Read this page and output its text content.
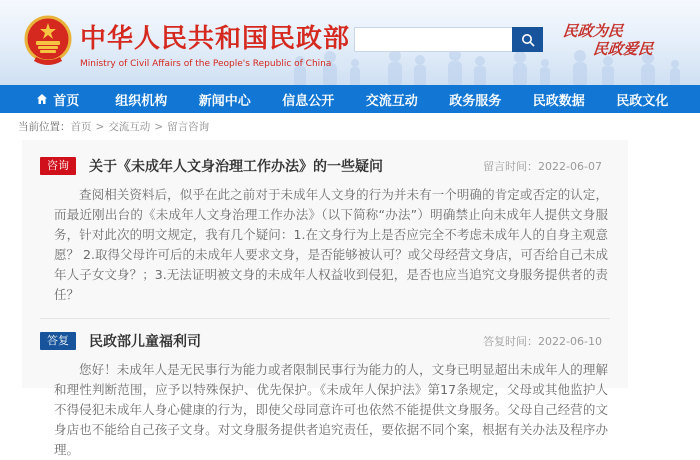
中华人民共和国民政部
Ministry of Civil Affairs of the People's Republic of China
民政为民
民政爱民
首页	组织机构 新闻中心 信息公开 交流互动 政务服务 民政数据 民政文化
当前位置： 首页 > 交流互动 > 留言咨询
咨询	关于《未成年人文身治理工作办法》的一些疑问	留言时间：2022-06-07

查阅相关资料后，似乎在此之前对于未成年人文身的行为并未有一个明确的肯定或否定的认定，而最近刚出台的《未成年人文身治理工作办法》（以下简称“办法”）明确禁止向未成年人提供文身服务，针对此次的明文规定，我有几个疑问：1.在文身行为上是否应完全不考虑未成年人的自身主观意愿？ 2.取得父母许可后的未成年人要求文身，是否能够被认可？或父母经营文身店，可否给自己未成年人子女文身？；3.无法证明被文身的未成年人权益收到侵犯，是否也应当追究文身服务提供者的责任？

答复	民政部儿童福利司	答复时间：2022-06-10

您好！未成年人是无民事行为能力或者限制民事行为能力的人，文身已明显超出未成年人的理解和理性判断范围，应予以特殊保护、优先保护。《未成年人保护法》第17条规定，父母或其他监护人不得侵犯未成年人身心健康的行为，即使父母同意许可也依然不能提供文身服务。父母自己经营的文身店也不能给自己孩子文身。对文身服务提供者追究责任，要依据不同个案，根据有关办法及程序办理。
